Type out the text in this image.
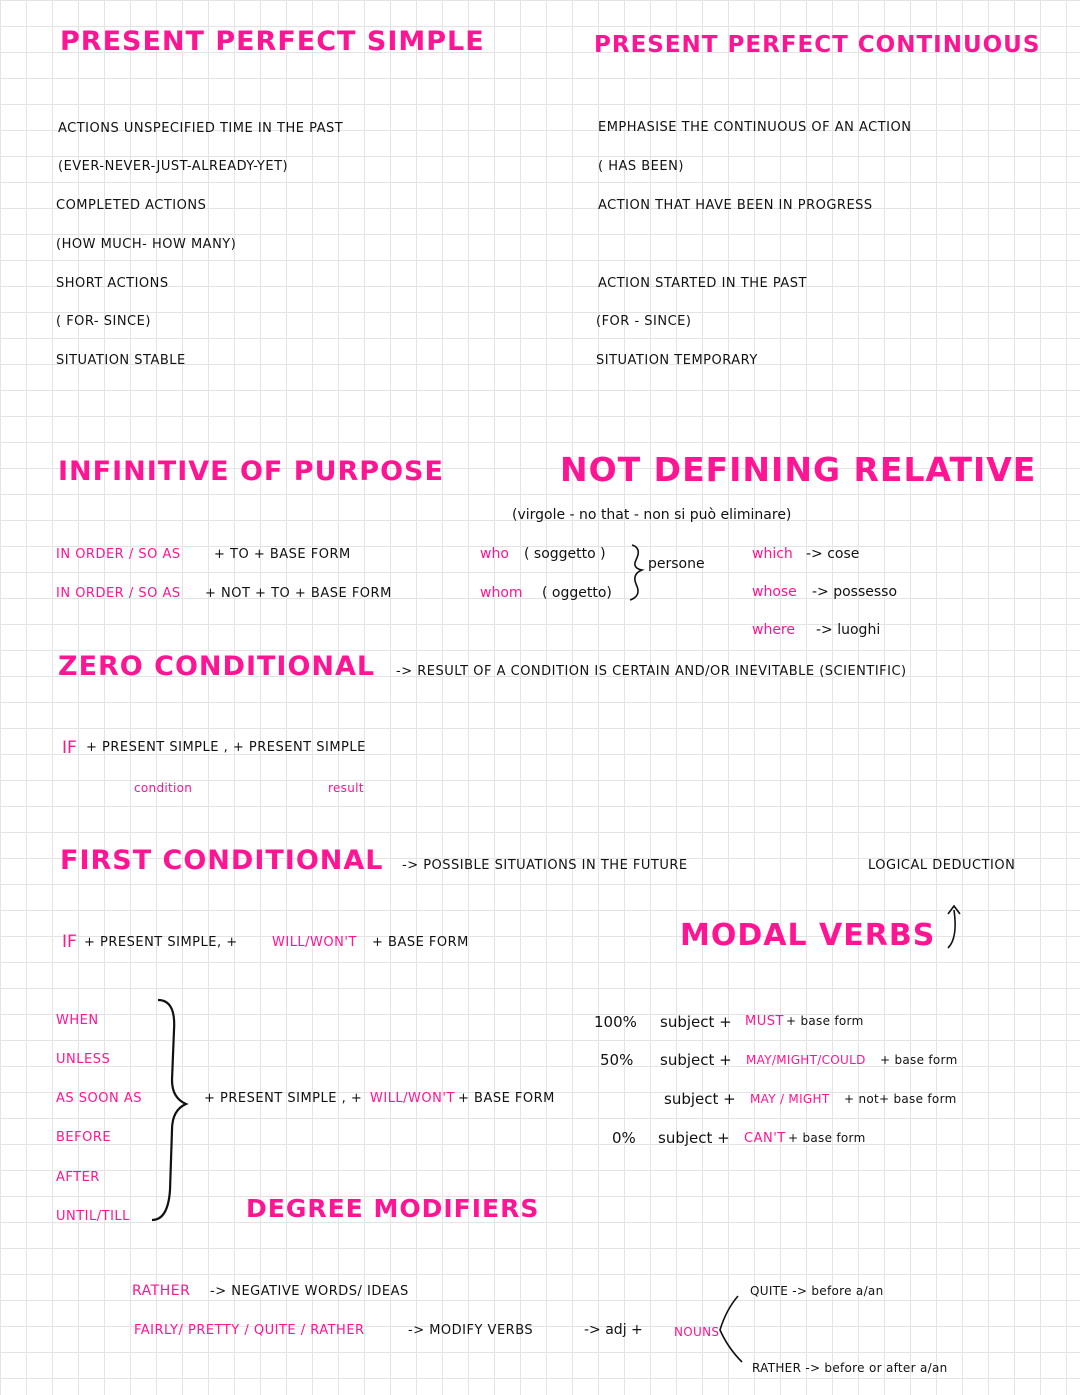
PRESENT PERFECT SIMPLE
ACTIONS UNSPECIFIED TIME IN THE PAST
(EVER-NEVER-JUST-ALREADY-YET)
COMPLETED ACTIONS
(HOW MUCH- HOW MANY)
SHORT ACTIONS
( FOR- SINCE)
SITUATION STABLE
PRESENT PERFECT CONTINUOUS
EMPHASISE THE CONTINUOUS OF AN ACTION
( HAS BEEN)
ACTION THAT HAVE BEEN IN PROGRESS
ACTION STARTED IN THE PAST
(FOR - SINCE)
SITUATION TEMPORARY
INFINITIVE OF PURPOSE
IN ORDER / SO AS	+ TO + BASE FORM
IN ORDER / SO AS + NOT + TO + BASE FORM
NOT DEFINING RELATIVE
(virgole - no that - non si può eliminare)
who ( soggetto )
whom ( oggetto)
persone
which -> cose
whose -> possesso
where -> luoghi
ZERO CONDITIONAL -> RESULT OF A CONDITION IS CERTAIN AND/OR INEVITABLE (SCIENTIFIC)
IF + PRESENT SIMPLE , + PRESENT SIMPLE
condition	result
FIRST CONDITIONAL -> POSSIBLE SITUATIONS IN THE FUTURE
IF + PRESENT SIMPLE, +	WILL/WON'T + BASE FORM
WHEN
UNLESS
AS SOON AS
BEFORE
AFTER
UNTIL/TILL
+ PRESENT SIMPLE , + WILL/WON'T + BASE FORM
LOGICAL DEDUCTION
MODAL VERBS
100% subject + MUST + base form
50% subject + MAY/MIGHT/COULD + base form
subject + MAY / MIGHT + not+ base form
0% subject + CAN'T + base form
DEGREE MODIFIERS
RATHER -> NEGATIVE WORDS/ IDEAS
FAIRLY/ PRETTY / QUITE / RATHER	-> MODIFY VERBS	-> adj +	NOUNS
QUITE -> before a/an
RATHER -> before or after a/an
